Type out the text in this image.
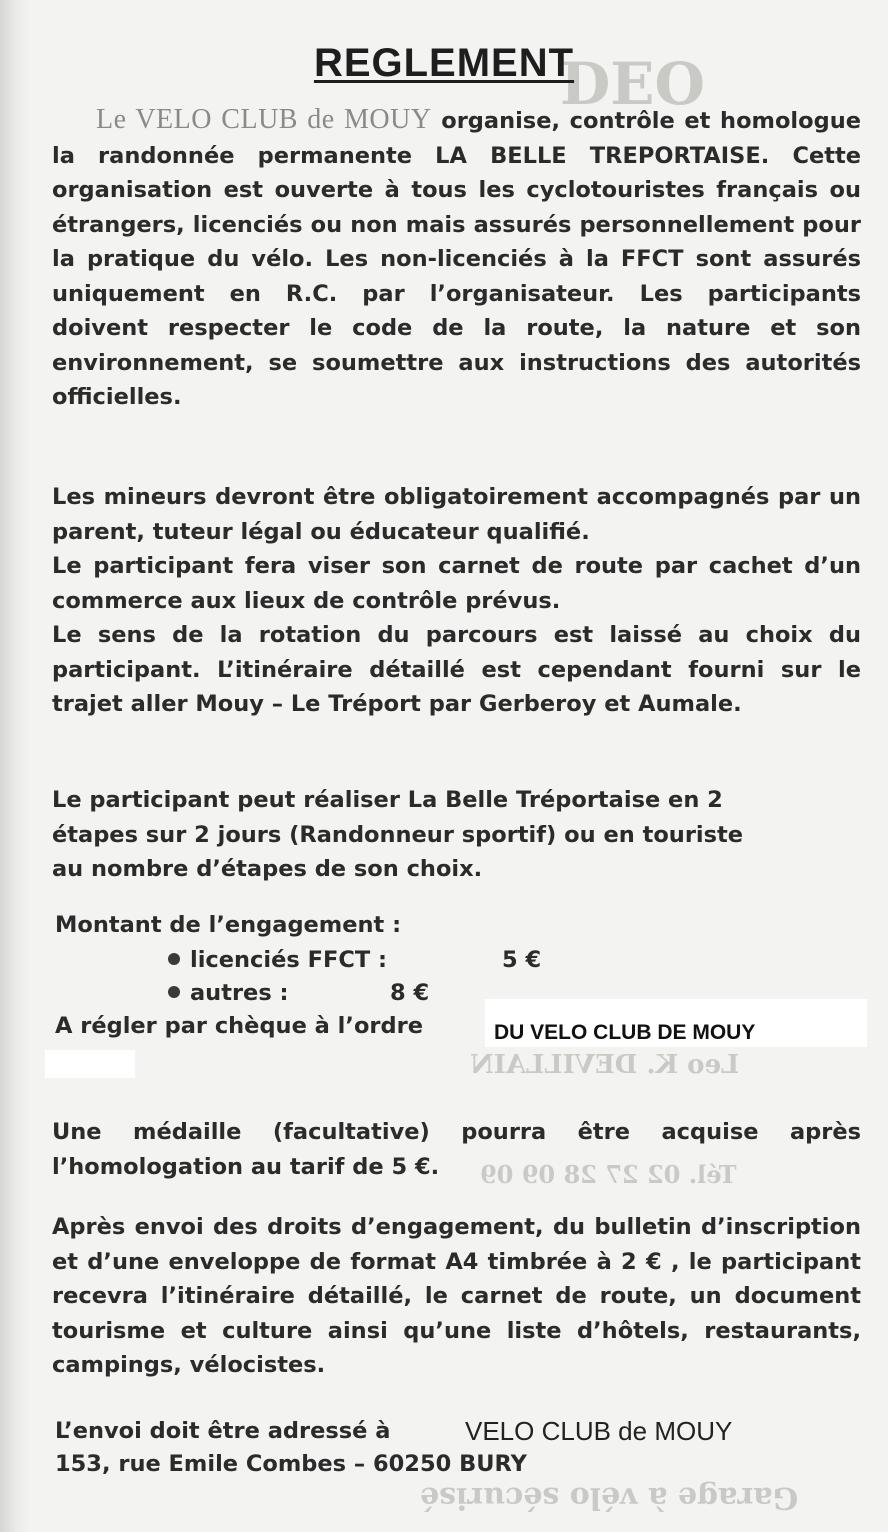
DEO
Leo K. DEVILLAIN
Tél. 02 27 28 09 09
Garage à vélo sécurisé
REGLEMENT

Le VELO CLUB de MOUY organise, contrôle et homologue la randonnée permanente LA BELLE TREPORTAISE. Cette organisation est ouverte à tous les cyclotouristes français ou étrangers, licenciés ou non mais assurés personnellement pour la pratique du vélo. Les non-licenciés à la FFCT sont assurés uniquement en R.C. par l’organisateur. Les participants doivent respecter le code de la route, la nature et son environnement, se soumettre aux instructions des autorités officielles.

Les mineurs devront être obligatoirement accompagnés par un parent, tuteur légal ou éducateur qualifié.

Le participant fera viser son carnet de route par cachet d’un commerce aux lieux de contrôle prévus.

Le sens de la rotation du parcours est laissé au choix du participant. L’itinéraire détaillé est cependant fourni sur le trajet aller Mouy – Le Tréport par Gerberoy et Aumale.

Le participant peut réaliser La Belle Tréportaise en 2
étapes sur 2 jours (Randonneur sportif) ou en touriste
au nombre d’étapes de son choix.

Montant de l’engagement :
licenciés FFCT :	5 €
autres :	8 €
A régler par chèque à l’ordre	DU VELO CLUB DE MOUY

Une médaille (facultative) pourra être acquise après l’homologation au tarif de 5 €.

Après envoi des droits d’engagement, du bulletin d’inscription et d’une enveloppe de format A4 timbrée à 2 € , le participant recevra l’itinéraire détaillé, le carnet de route, un document tourisme et culture ainsi qu’une liste d’hôtels, restaurants, campings, vélocistes.

L’envoi doit être adressé à	VELO CLUB de MOUY
153, rue Emile Combes – 60250 BURY
